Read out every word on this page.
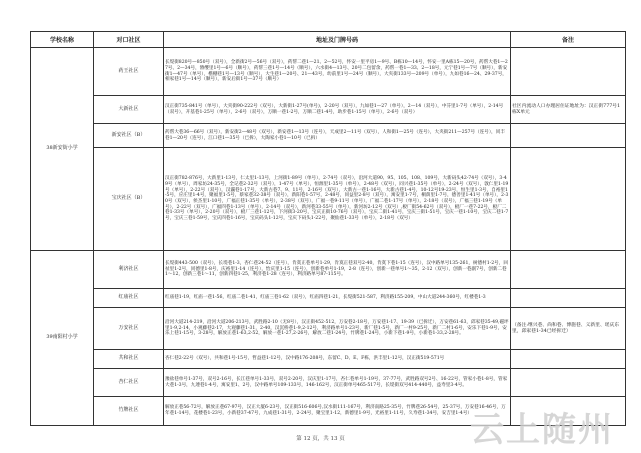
学校名称	对口社区	地址及门牌号码	备注
38新安街小学	药王社区	长堤街820号—850号（双号），全新街2号—56号（双号），药帮二巷1—21、2—52号，怀安一里平房1—9号、B栋10—14号，怀安一里A栋15—20号，药帮大巷1—27号、2—34号，簪缨里1号—6号（顺号），药帮三巷1号—14号（顺号），六水街4—13号、20号二包留余，药帮一巷1—33、2—18号，元宁巷1号—7号（顺号），新安街1—47号（单号），樵棚巷1号—13号（顺号），大生巷1—20号、21—43号，幼前里1号—24号（顺号），大夹街133号—209号（单号），九如巷16—24、29-37号，相家巷1号—14号（顺号），新安后街1号—37号（顺号）	
	大新社区	汉正街735-841号（单号），大夹街90-222号（双号），大新街1-27号(单号)，2-20号（双号），九如巷1—27（单号），2—14（双号），中芬里1-7号（单号），2-14号（双号），开基巷1-25号（单号），2-6号（双号），万顺一巷1-2号，万顺二巷1-4号，助步巷1-15号（单号），2-6号（双号）	社区内流动人口办理居住证地址为：汉正街777号1栋X单元
	新安社区（B）	药帮大巷36—66号（双号），新安街2—48号（双号），新安巷1—13号（连号），天成里2—11号（双号），人和街1—25号（连号），大夹街211—257号（连号），同丰巷1—20号（连号），江口巷1—35号（已拆），大陶家小巷1—10号（已拆）	
	宝庆社区（B）	汉正街782-876号，大新里1-13号，仁太里1-13号，上河街1-89号（单号），2-74号（双号），沿河大道90、95、105、108、109号，大新码头42-74号（双号），3-49号（单号），周家坊24-35号，全记巷2-32号（双号），1-47号（单号），恒源里1-35号（单号），2-48号（双号），同兴巷1-35号（单号），2-24号（双号），敦仁里1-19号（单号），2-22号（双号），汉瀛巷1-17号，大新古巷7、9、11号，2-16号（双号），大新古一巷1-16号，大新古巷1-4号，10-12号19-23号，恒生里1-3号，自裕里1-5号，应庄里1-4号，聚福里1-5号，蔡家巷32-38号（双号），新阳巷1-57号，2-48号，同益里2-8号（双号），寓安里1-7号，桐荫里1-7号，德善里1-41号（单号），2-30号（双号），侯杰里1-10号，广福正巷1-35号（单号），2-38号（双号），广福一巷9-11号（单号），广福二巷1-17号（单号），2-18号（双号），广福三巷1-19号（单号），2-22号（双号），广福四巷1-13号（单号），2-14号（双号），新河巷33-55号（单号），新河坊2-12号（双号）,板厂街54-62号（双号），板厂一巷7-22号，板厂二巷1-33号（单号），2-20号（双号），板厂三巷1-12号，下河街3-20号，宝庆正街10-76号（双号），宝庆二街1-41号，宝庆三街1-51号，宝庆一巷1-10号，宝庆二巷1-7号，宝庆三巷1-59号，宝庆四巷1-16号，宝庆码头1-12号，宝庆下码头1-22号，聚仙巷1-33号（单号），2-18号（双号）	
39南阳村小学	利济社区	长堤街443-500（双号），长堤巷1-3，杏仁巷24-52（连号），肯寞正巷单号1-29，肯寞正巷双号2-40，肯寞下巷1-15（连号），汉中路单号135-261，树德村1-2号，回祉里1-2号，同德里1-8号，庆裕里1-14（连号），怡庆里1-15（连号），创新巷单号1-19，2-8（连号），创新一巷单号1～35，2-12（双号），创新一巷副7号，创新二巷1～12，创新三巷1～11，创新四巷1-25，利济巷1-28（连号），利济路单号87-115号。	
	红庙社区	红庙巷1-19，红庙一巷1-56，红庙二巷1-41，红庙三巷1-62（双号），红庙四巷1-21，长堤街521-587，利济路155-209，中山大道244-360号，红楼巷1-3	
	万安社区	沿河大道214-219，沿河大道206-213号，武胜路2-10（无8号），汉正街452-512，万安巷2-18号，万安巷1-17、19-39（已拆迁），万安巷61-63，邱家巷35-49,磁坪里1-9,2-14，小观藤巷2-17，大观藤巷1-31，2-40，汉沉桥巷1-9,2-12号，利济路单号1-23号，新厂巷1-5号，新厂一村9-25号，新厂二村1-6号，安乐下巷1-9号，安乐上巷1-15号，3-28号，解放正巷1-63,2-52，解放一巷1-27,2-26号，解放二巷1-24号，竹牌巷1-24号，小新下巷1-9号，小新巷1-33,2-28号。	（备注:继兴巷、尚和巷、博施巷、义新里、瑶庆东里，邱家巷1-34已经拆迁）
	共和社区	杏仁巷2-22号（双号），共和巷1号-15号，哲益巷1-12号，汉中路176-208号，东留C、D、E、F栋，洪丰里1-12号，汉正街519-571号	
	杏仁社区	豫盐巷单号1-37号，双号2-16号，长江巷单号1-33号，双号2-20号，汉庆里1-17号，杏仁巷单号1-19号，37-77号，武胜路双号2号、16-22号，管家小巷1-8号，管家大巷1-3号，九連巷1-4号，寓安里1、2号，汉中路单号109-133号，146-162号，汉正街单号465-517号，长堤街双号414-440号，益寿里3-4号。	
	竹牌社区	解放正巷56-72号，解放正巷67-97号，汉正大厦6-23号，汉正街516-606号,汉水街111-167号，利济南路25-35号，竹牌巷26-54号，25-37号，万安巷16-46号，万年巷1-14号，花楼巷1-23号，小新巷37-47号，九成巷1-31号，2-24号，聚宝里1-12，新德里1-9号，光裕里1-11号，久寿巷1-34号，安吉里1-4号）	
云上随州
第 12 页，共 13 页
